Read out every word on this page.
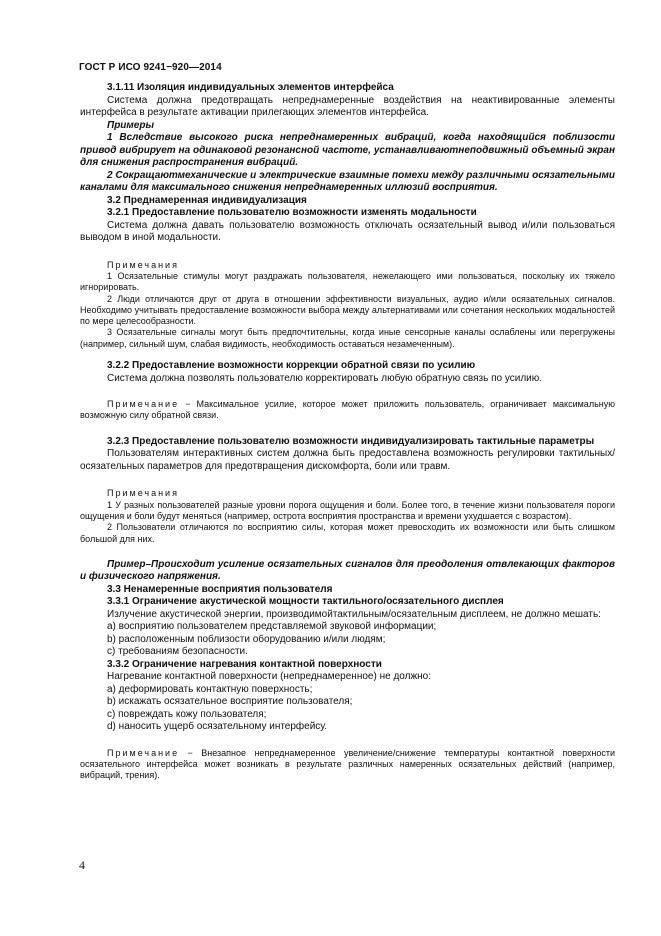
ГОСТ Р ИСО 9241−920—2014

3.1.11 Изоляция индивидуальных элементов интерфейса

Система должна предотвращать непреднамеренные воздействия на неактивированные элементы интерфейса в результате активации прилегающих элементов интерфейса.

Примеры

1 Вследствие высокого риска непреднамеренных вибраций, когда находящийся поблизости привод вибрирует на одинаковой резонансной частоте, устанавливаютнеподвижный объемный экран для снижения распространения вибраций.

2 Сокращаютмеханические и электрические взаимные помехи между различными осязательными каналами для максимального снижения непреднамеренных иллюзий восприятия.

3.2 Преднамеренная индивидуализация

3.2.1 Предоставление пользователю возможности изменять модальности

Система должна давать пользователю возможность отключать осязательный вывод и/или пользоваться выводом в иной модальности.

Примечания

1 Осязательные стимулы могут раздражать пользователя, нежелающего ими пользоваться, поскольку их тяжело игнорировать.

2 Люди отличаются друг от друга в отношении эффективности визуальных, аудио и/или осязательных сигналов. Необходимо учитывать предоставление возможности выбора между альтернативами или сочетания нескольких модальностей по мере целесообразности.

3 Осязательные сигналы могут быть предпочтительны, когда иные сенсорные каналы ослаблены или перегружены (например, сильный шум, слабая видимость, необходимость оставаться незамеченным).

3.2.2 Предоставление возможности коррекции обратной связи по усилию

Система должна позволять пользователю корректировать любую обратную связь по усилию.

Примечание − Максимальное усилие, которое может приложить пользователь, ограничивает максимальную возможную силу обратной связи.

3.2.3 Предоставление пользователю возможности индивидуализировать тактильные параметры

Пользователям интерактивных систем должна быть предоставлена возможность регулировки тактильных/осязательных параметров для предотвращения дискомфорта, боли или травм.

Примечания

1 У разных пользователей разные уровни порога ощущения и боли. Более того, в течение жизни пользователя пороги ощущения и боли будут меняться (например, острота восприятия пространства и времени ухудшается с возрастом).

2 Пользователи отличаются по восприятию силы, которая может превосходить их возможности или быть слишком большой для них.

Пример–Происходит усиление осязательных сигналов для преодоления отвлекающих факторов и физического напряжения.

3.3 Ненамеренные восприятия пользователя

3.3.1 Ограничение акустической мощности тактильного/осязательного дисплея

Излучение акустической энергии, производимойтактильным/осязательным дисплеем, не должно мешать:

а) восприятию пользователем представляемой звуковой информации;

b) расположенным поблизости оборудованию и/или людям;

с) требованиям безопасности.

3.3.2 Ограничение нагревания контактной поверхности

Нагревание контактной поверхности (непреднамеренное) не должно:

а) деформировать контактную поверхность;

b) искажать осязательное восприятие пользователя;

с) повреждать кожу пользователя;

d) наносить ущерб осязательному интерфейсу.

Примечание − Внезапное непреднамеренное увеличение/снижение температуры контактной поверхности осязательного интерфейса может возникать в результате различных намеренных осязательных действий (например, вибраций, трения).

4
